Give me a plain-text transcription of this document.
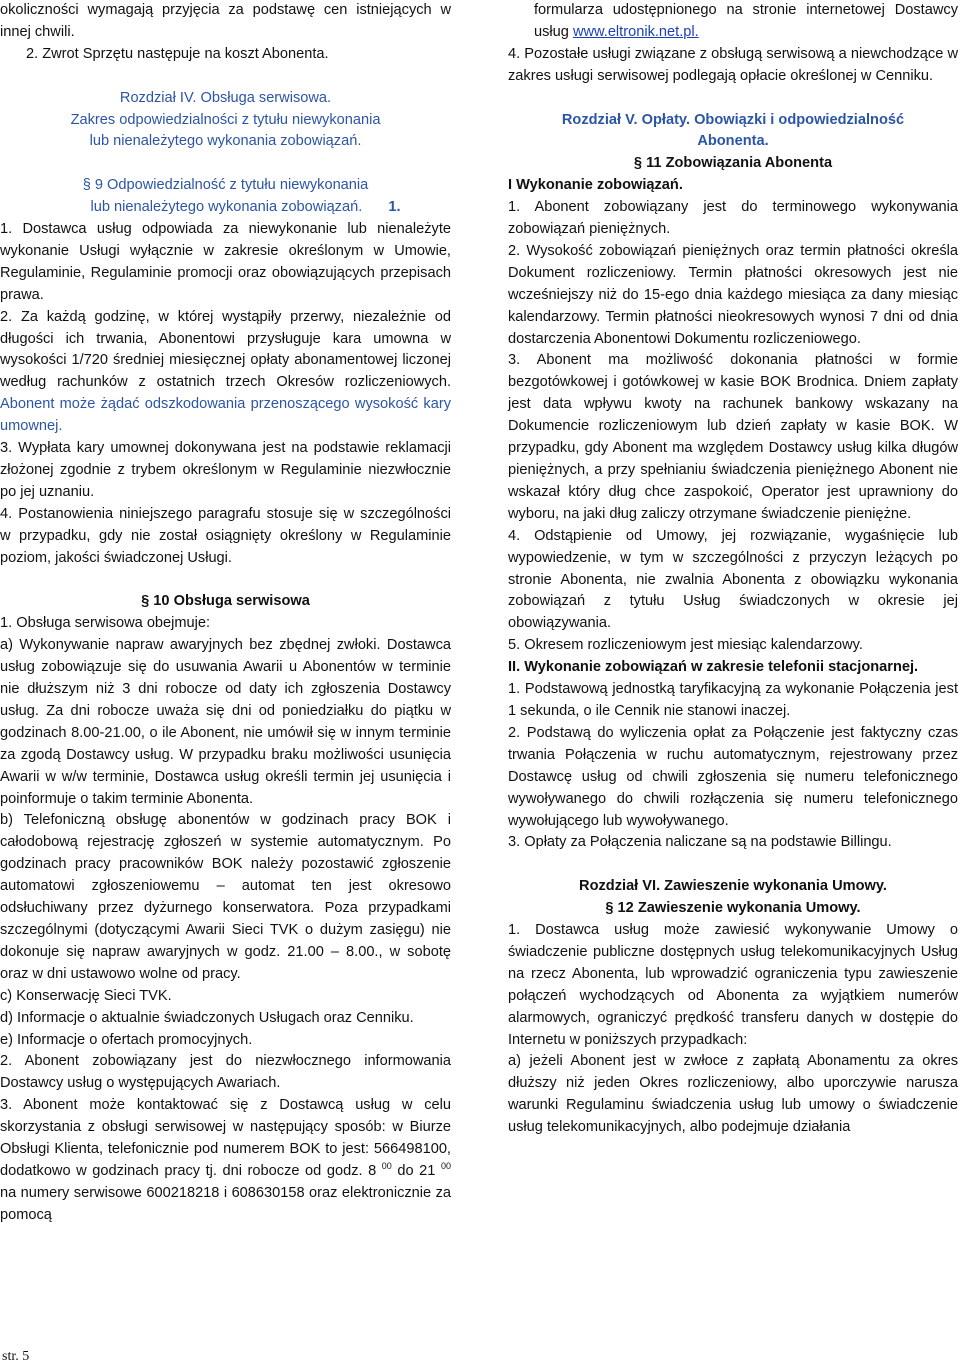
okoliczności wymagają przyjęcia za podstawę cen istniejących w innej chwili.

2. Zwrot Sprzętu następuje na koszt Abonenta.

Rozdział IV. Obsługa serwisowa.

Zakres odpowiedzialności z tytułu niewykonania

lub nienależytego wykonania zobowiązań.

§ 9 Odpowiedzialność z tytułu niewykonania

lub nienależytego wykonania zobowiązań. 1.

1. Dostawca usług odpowiada za niewykonanie lub nienależyte wykonanie Usługi wyłącznie w zakresie określonym w Umowie, Regulaminie, Regulaminie promocji oraz obowiązujących przepisach prawa.

2. Za każdą godzinę, w której wystąpiły przerwy, niezależnie od długości ich trwania, Abonentowi przysługuje kara umowna w wysokości 1/720 średniej miesięcznej opłaty abonamentowej liczonej według rachunków z ostatnich trzech Okresów rozliczeniowych. Abonent może żądać odszkodowania przenoszącego wysokość kary umownej.

3. Wypłata kary umownej dokonywana jest na podstawie reklamacji złożonej zgodnie z trybem określonym w Regulaminie niezwłocznie po jej uznaniu.

4. Postanowienia niniejszego paragrafu stosuje się w szczególności w przypadku, gdy nie został osiągnięty określony w Regulaminie poziom, jakości świadczonej Usługi.

§ 10 Obsługa serwisowa

1. Obsługa serwisowa obejmuje:

a) Wykonywanie napraw awaryjnych bez zbędnej zwłoki. Dostawca usług zobowiązuje się do usuwania Awarii u Abonentów w terminie nie dłuższym niż 3 dni robocze od daty ich zgłoszenia Dostawcy usług. Za dni robocze uważa się dni od poniedziałku do piątku w godzinach 8.00-21.00, o ile Abonent, nie umówił się w innym terminie za zgodą Dostawcy usług. W przypadku braku możliwości usunięcia Awarii w w/w terminie, Dostawca usług określi termin jej usunięcia i poinformuje o takim terminie Abonenta.

b) Telefoniczną obsługę abonentów w godzinach pracy BOK i całodobową rejestrację zgłoszeń w systemie automatycznym. Po godzinach pracy pracowników BOK należy pozostawić zgłoszenie automatowi zgłoszeniowemu – automat ten jest okresowo odsłuchiwany przez dyżurnego konserwatora. Poza przypadkami szczególnymi (dotyczącymi Awarii Sieci TVK o dużym zasięgu) nie dokonuje się napraw awaryjnych w godz. 21.00 – 8.00., w sobotę oraz w dni ustawowo wolne od pracy.

c) Konserwację Sieci TVK.

d) Informacje o aktualnie świadczonych Usługach oraz Cenniku.

e) Informacje o ofertach promocyjnych.

2. Abonent zobowiązany jest do niezwłocznego informowania Dostawcy usług o występujących Awariach.

3. Abonent może kontaktować się z Dostawcą usług w celu skorzystania z obsługi serwisowej w następujący sposób: w Biurze Obsługi Klienta, telefonicznie pod numerem BOK to jest: 566498100, dodatkowo w godzinach pracy tj. dni robocze od godz. 8 $^{00}$ do 21 $^{00}$ na numery serwisowe 600218218 i 608630158 oraz elektronicznie za pomocą

str. 5

formularza udostępnionego na stronie internetowej Dostawcy usług www.eltronik.net.pl.

4. Pozostałe usługi związane z obsługą serwisową a niewchodzące w zakres usługi serwisowej podlegają opłacie określonej w Cenniku.

Rozdział V. Opłaty. Obowiązki i odpowiedzialność

Abonenta.

§ 11 Zobowiązania Abonenta

I Wykonanie zobowiązań.

1. Abonent zobowiązany jest do terminowego wykonywania zobowiązań pieniężnych.

2. Wysokość zobowiązań pieniężnych oraz termin płatności określa Dokument rozliczeniowy. Termin płatności okresowych jest nie wcześniejszy niż do 15-ego dnia każdego miesiąca za dany miesiąc kalendarzowy. Termin płatności nieokresowych wynosi 7 dni od dnia dostarczenia Abonentowi Dokumentu rozliczeniowego.

3. Abonent ma możliwość dokonania płatności w formie bezgotówkowej i gotówkowej w kasie BOK Brodnica. Dniem zapłaty jest data wpływu kwoty na rachunek bankowy wskazany na Dokumencie rozliczeniowym lub dzień zapłaty w kasie BOK. W przypadku, gdy Abonent ma względem Dostawcy usług kilka długów pieniężnych, a przy spełnianiu świadczenia pieniężnego Abonent nie wskazał który dług chce zaspokoić, Operator jest uprawniony do wyboru, na jaki dług zaliczy otrzymane świadczenie pieniężne.

4. Odstąpienie od Umowy, jej rozwiązanie, wygaśnięcie lub wypowiedzenie, w tym w szczególności z przyczyn leżących po stronie Abonenta, nie zwalnia Abonenta z obowiązku wykonania zobowiązań z tytułu Usług świadczonych w okresie jej obowiązywania.

5. Okresem rozliczeniowym jest miesiąc kalendarzowy.

II. Wykonanie zobowiązań w zakresie telefonii stacjonarnej.

1. Podstawową jednostką taryfikacyjną za wykonanie Połączenia jest 1 sekunda, o ile Cennik nie stanowi inaczej.

2. Podstawą do wyliczenia opłat za Połączenie jest faktyczny czas trwania Połączenia w ruchu automatycznym, rejestrowany przez Dostawcę usług od chwili zgłoszenia się numeru telefonicznego wywoływanego do chwili rozłączenia się numeru telefonicznego wywołującego lub wywoływanego.

3. Opłaty za Połączenia naliczane są na podstawie Billingu.

Rozdział VI. Zawieszenie wykonania Umowy.

§ 12 Zawieszenie wykonania Umowy.

1. Dostawca usług może zawiesić wykonywanie Umowy o świadczenie publiczne dostępnych usług telekomunikacyjnych Usług na rzecz Abonenta, lub wprowadzić ograniczenia typu zawieszenie połączeń wychodzących od Abonenta za wyjątkiem numerów alarmowych, ograniczyć prędkość transferu danych w dostępie do Internetu w poniższych przypadkach:

a) jeżeli Abonent jest w zwłoce z zapłatą Abonamentu za okres dłuższy niż jeden Okres rozliczeniowy, albo uporczywie narusza warunki Regulaminu świadczenia usług lub umowy o świadczenie usług telekomunikacyjnych, albo podejmuje działania
